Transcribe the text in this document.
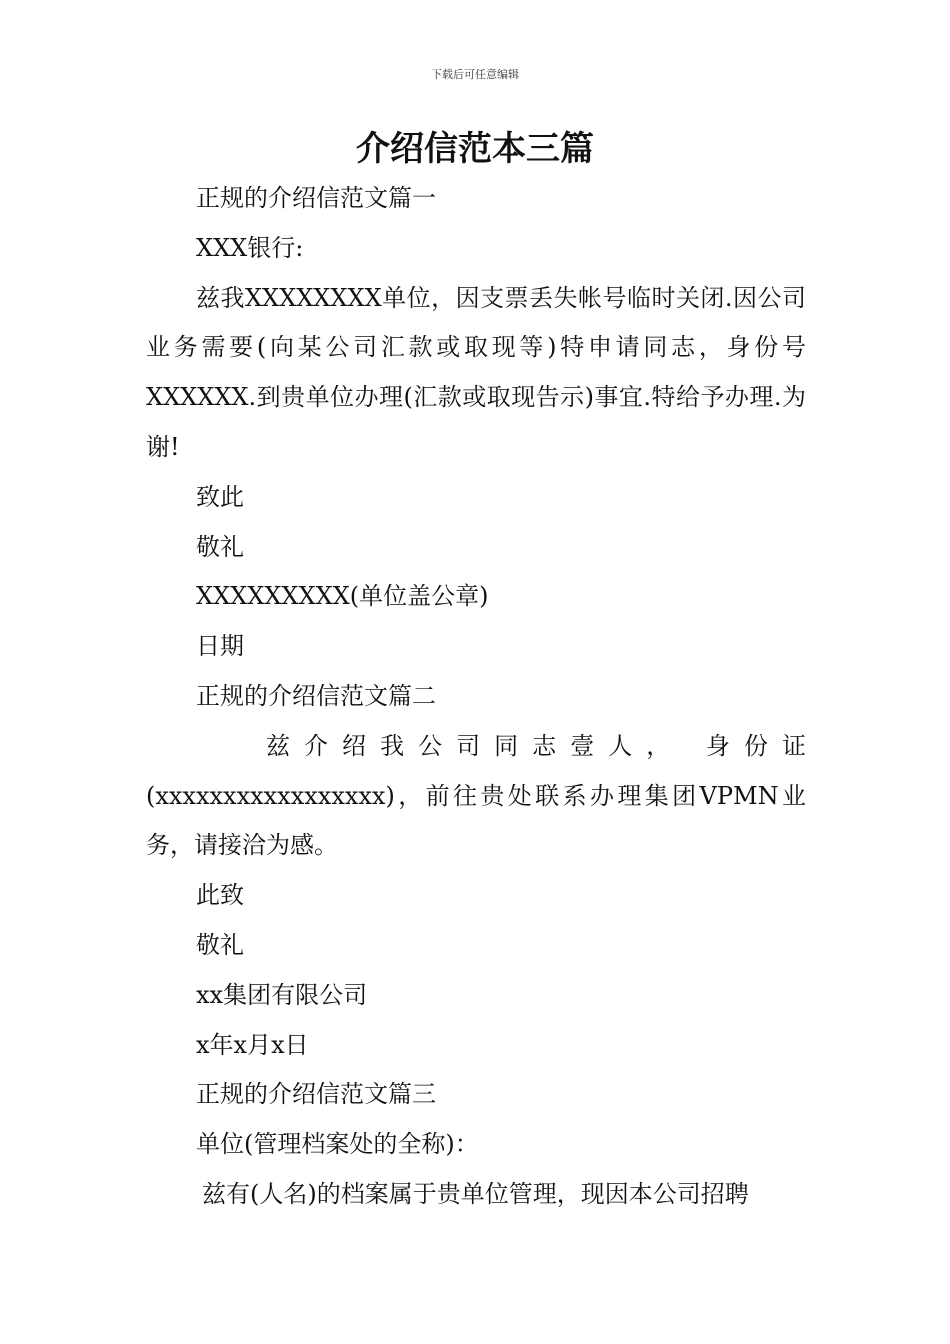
下载后可任意编辑
介绍信范本三篇

正规的介绍信范文篇一

XXX银行:

兹我XXXXXXXX单位，因支票丢失帐号临时关闭.因公司业务需要(向某公司汇款或取现等)特申请同志，身份号XXXXXX.到贵单位办理(汇款或取现告示)事宜.特给予办理.为谢!

致此

敬礼

XXXXXXXXX(单位盖公章)

日期

正规的介绍信范文篇二

兹介绍我公司同志壹人， 身份证(xxxxxxxxxxxxxxxxx)，前往贵处联系办理集团VPMN业务，请接洽为感。

此致

敬礼

xx集团有限公司

x年x月x日

正规的介绍信范文篇三

单位(管理档案处的全称)：

兹有(人名)的档案属于贵单位管理，现因本公司招聘
